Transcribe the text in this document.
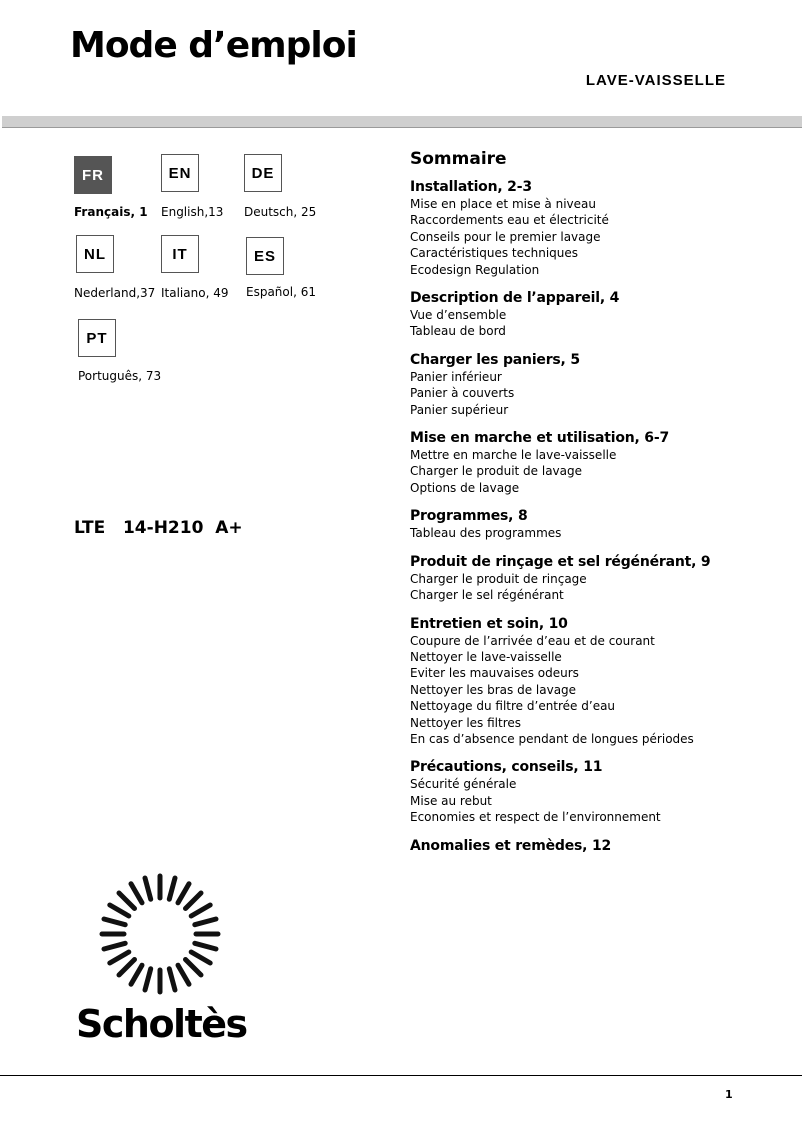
Mode d’emploi
LAVE-VAISSELLE
FR
Français, 1
EN
English,13
DE
Deutsch, 25
NL
Nederland,37
IT
Italiano, 49
ES
Español, 61
PT
Português, 73
LTE   14-H210  A+
Sommaire
Installation, 2-3
Mise en place et mise à niveau
Raccordements eau et électricité
Conseils pour le premier lavage
Caractéristiques techniques
Ecodesign Regulation
Description de l’appareil, 4
Vue d’ensemble
Tableau de bord
Charger les paniers, 5
Panier inférieur
Panier à couverts
Panier supérieur
Mise en marche et utilisation, 6-7
Mettre en marche le lave-vaisselle
Charger le produit de lavage
Options de lavage
Programmes, 8
Tableau des programmes
Produit de rinçage et sel régénérant, 9
Charger le produit de rinçage
Charger le sel régénérant
Entretien et soin, 10
Coupure de l’arrivée d’eau et de courant
Nettoyer le lave-vaisselle
Eviter les mauvaises odeurs
Nettoyer les bras de lavage
Nettoyage du filtre d’entrée d’eau
Nettoyer les filtres
En cas d’absence pendant de longues périodes
Précautions, conseils, 11
Sécurité générale
Mise au rebut
Economies et respect de l’environnement
Anomalies et remèdes, 12
Scholtès
1
